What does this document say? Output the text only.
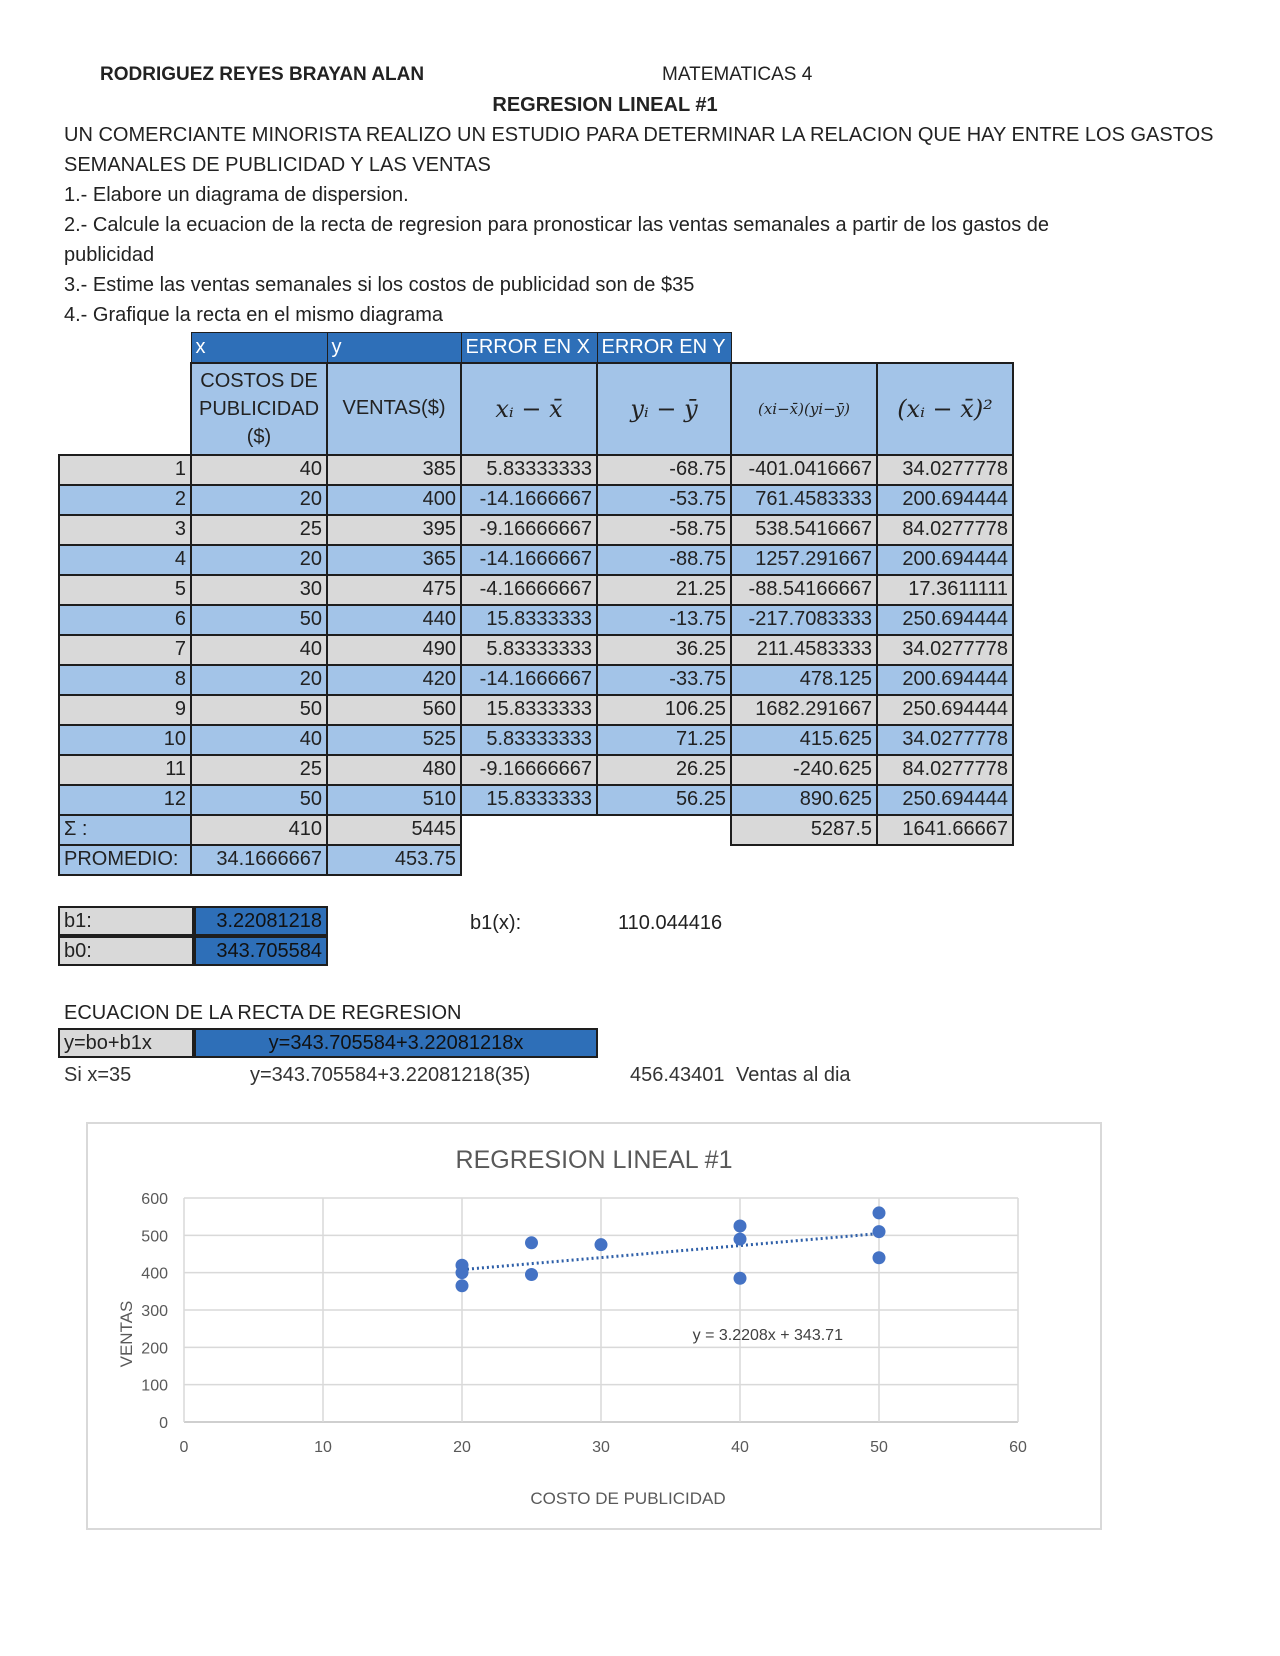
RODRIGUEZ REYES BRAYAN ALAN	MATEMATICAS 4
REGRESION LINEAL #1
UN COMERCIANTE MINORISTA REALIZO UN ESTUDIO PARA DETERMINAR LA RELACION QUE HAY ENTRE LOS GASTOS
SEMANALES DE PUBLICIDAD Y LAS VENTAS
1.- Elabore un diagrama de dispersion.
2.- Calcule la ecuacion de la recta de regresion para pronosticar las ventas semanales a partir de los gastos de
publicidad
3.- Estime las ventas semanales si los costos de publicidad son de $35
4.- Grafique la recta en el mismo diagrama
	x	y	ERROR EN X	ERROR EN Y		
	COSTOS DE PUBLICIDAD ($)	VENTAS($)	xᵢ − x̄	yᵢ − ȳ	(xi−x̄)(yi−ȳ)	(xᵢ − x̄)²
1	40	385	5.83333333	-68.75	-401.0416667	34.0277778
2	20	400	-14.1666667	-53.75	761.4583333	200.694444
3	25	395	-9.16666667	-58.75	538.5416667	84.0277778
4	20	365	-14.1666667	-88.75	1257.291667	200.694444
5	30	475	-4.16666667	21.25	-88.54166667	17.3611111
6	50	440	15.8333333	-13.75	-217.7083333	250.694444
7	40	490	5.83333333	36.25	211.4583333	34.0277778
8	20	420	-14.1666667	-33.75	478.125	200.694444
9	50	560	15.8333333	106.25	1682.291667	250.694444
10	40	525	5.83333333	71.25	415.625	34.0277778
11	25	480	-9.16666667	26.25	-240.625	84.0277778
12	50	510	15.8333333	56.25	890.625	250.694444
Σ :	410	5445			5287.5	1641.66667
PROMEDIO:	34.1666667	453.75				
b1:	3.22081218
b0:	343.705584
b1(x):	110.044416
ECUACION DE LA RECTA DE REGRESION
y=bo+b1x	y=343.705584+3.22081218x
Si x=35	y=343.705584+3.22081218(35)	456.43401 Ventas al dia
REGRESION LINEAL #1
VENTAS
COSTO DE PUBLICIDAD
0
100
200
300
400
500
600
0	10	20	30	40	50	60
y = 3.2208x + 343.71
